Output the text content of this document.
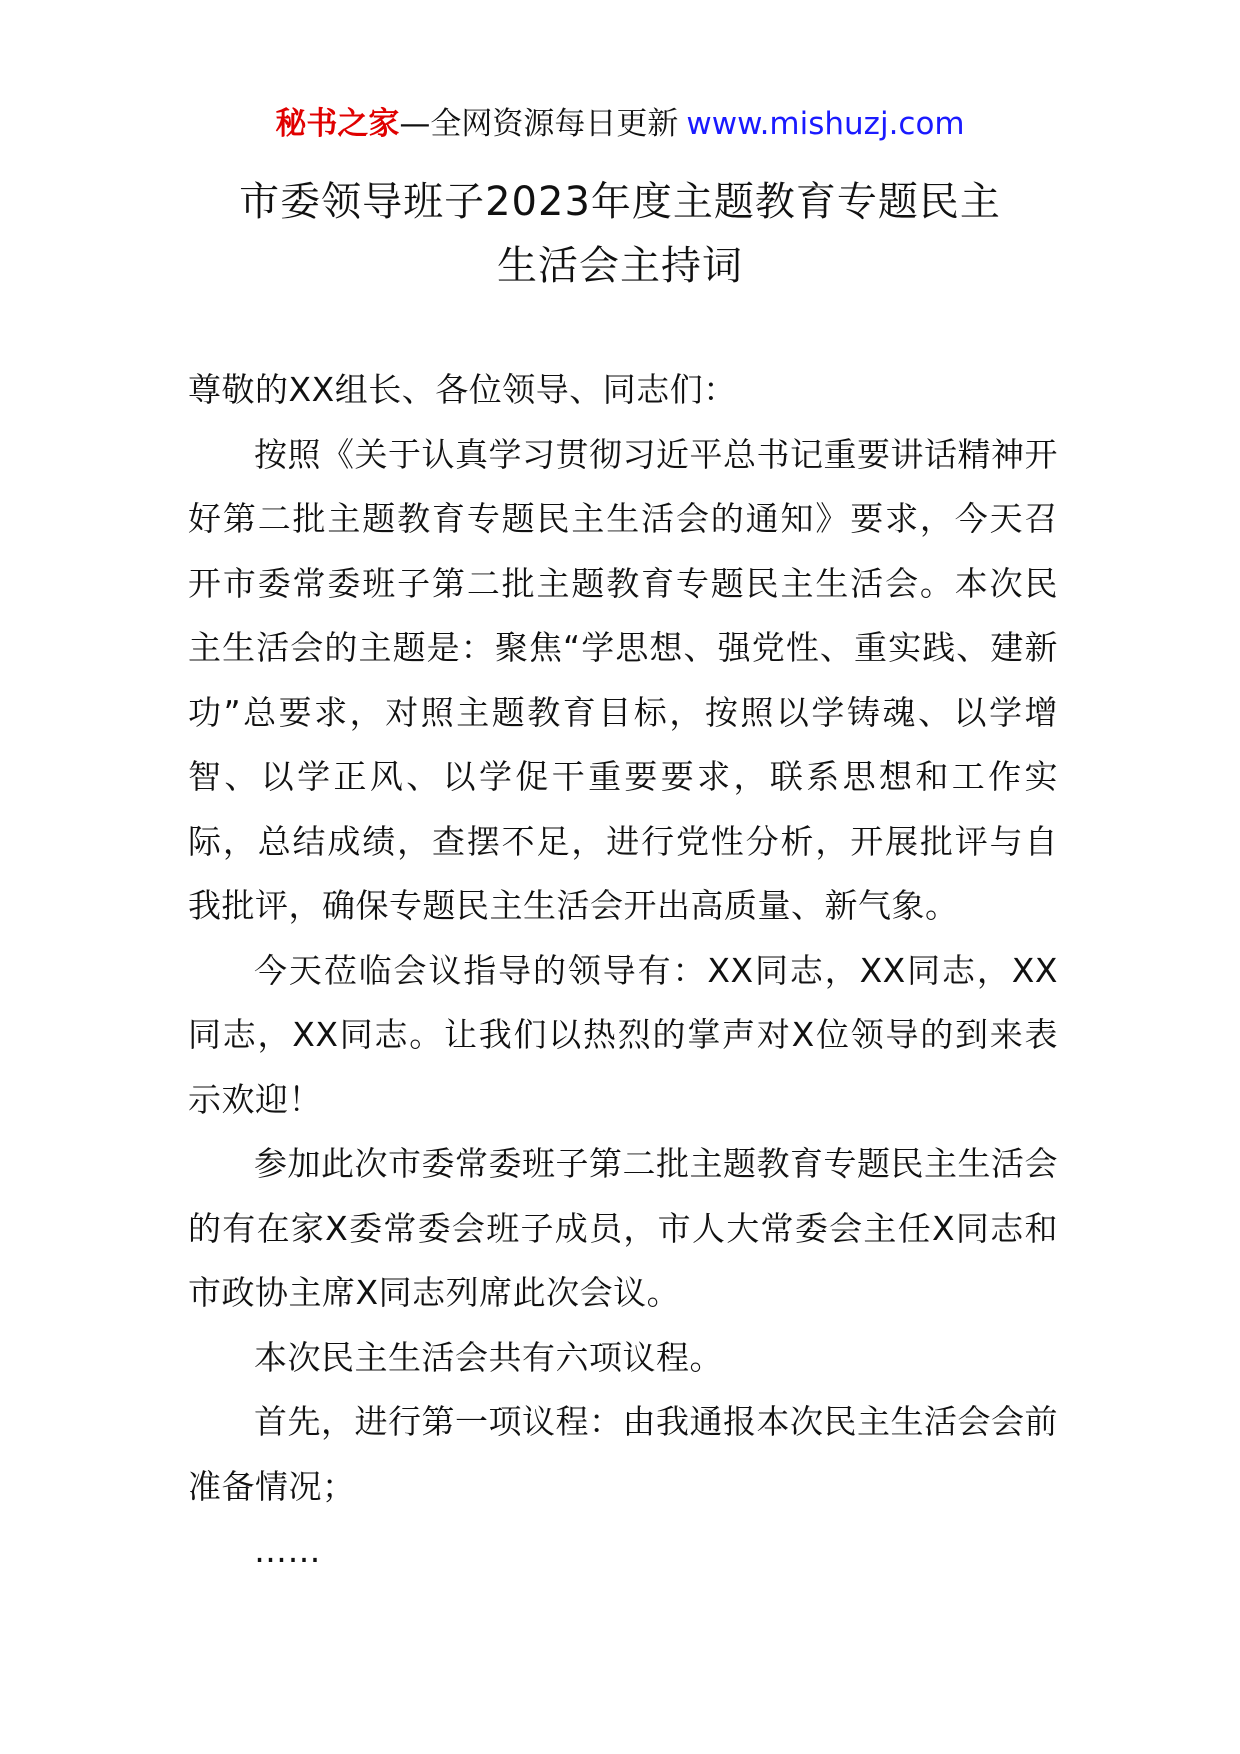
秘书之家—全网资源每日更新 www.mishuzj.com
市委领导班子2023年度主题教育专题民主
生活会主持词

尊敬的XX组长、各位领导、同志们：

按照《关于认真学习贯彻习近平总书记重要讲话精神开好第二批主题教育专题民主生活会的通知》要求，今天召开市委常委班子第二批主题教育专题民主生活会。本次民主生活会的主题是：聚焦“学思想、强党性、重实践、建新功”总要求，对照主题教育目标，按照以学铸魂、以学增智、以学正风、以学促干重要要求，联系思想和工作实际，总结成绩，查摆不足，进行党性分析，开展批评与自我批评，确保专题民主生活会开出高质量、新气象。

今天莅临会议指导的领导有：XX同志，XX同志，XX同志，XX同志。让我们以热烈的掌声对X位领导的到来表示欢迎！

参加此次市委常委班子第二批主题教育专题民主生活会的有在家X委常委会班子成员，市人大常委会主任X同志和市政协主席X同志列席此次会议。

本次民主生活会共有六项议程。

首先，进行第一项议程：由我通报本次民主生活会会前准备情况；

……
